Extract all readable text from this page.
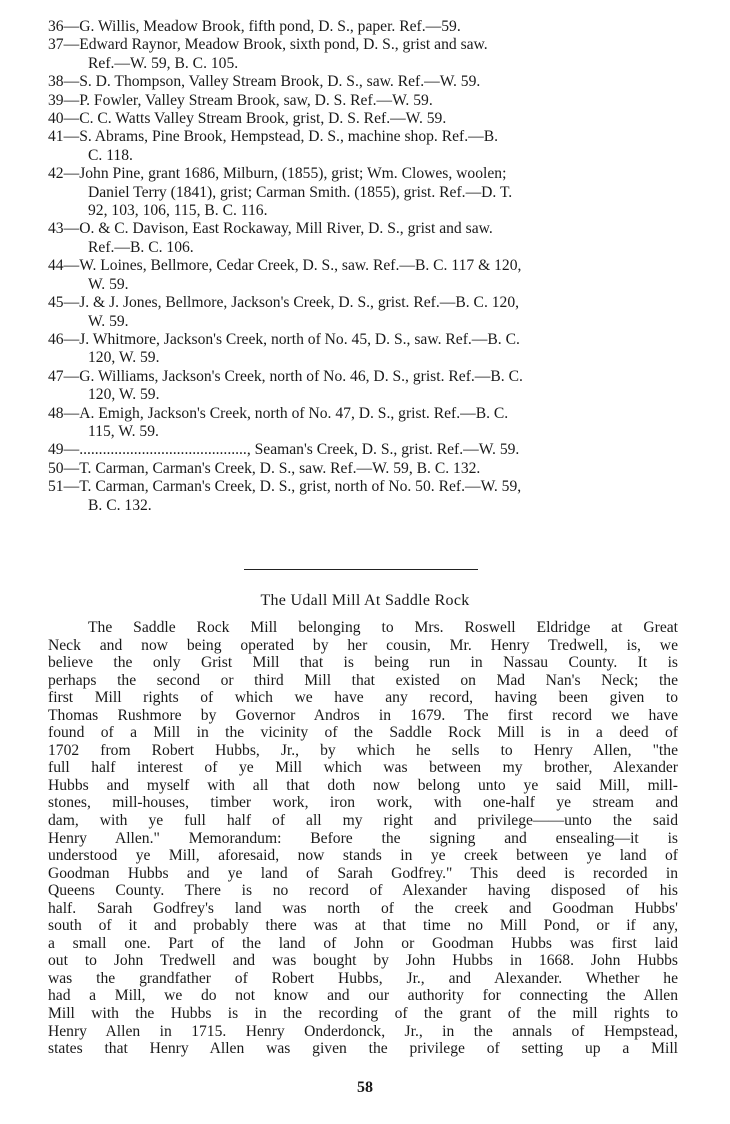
36—G. Willis, Meadow Brook, fifth pond, D. S., paper. Ref.—59.
37—Edward Raynor, Meadow Brook, sixth pond, D. S., grist and saw.
Ref.—W. 59, B. C. 105.
38—S. D. Thompson, Valley Stream Brook, D. S., saw. Ref.—W. 59.
39—P. Fowler, Valley Stream Brook, saw, D. S. Ref.—W. 59.
40—C. C. Watts Valley Stream Brook, grist, D. S. Ref.—W. 59.
41—S. Abrams, Pine Brook, Hempstead, D. S., machine shop. Ref.—B.
C. 118.
42—John Pine, grant 1686, Milburn, (1855), grist; Wm. Clowes, woolen;
Daniel Terry (1841), grist; Carman Smith. (1855), grist. Ref.—D. T.
92, 103, 106, 115, B. C. 116.
43—O. & C. Davison, East Rockaway, Mill River, D. S., grist and saw.
Ref.—B. C. 106.
44—W. Loines, Bellmore, Cedar Creek, D. S., saw. Ref.—B. C. 117 & 120,
W. 59.
45—J. & J. Jones, Bellmore, Jackson's Creek, D. S., grist. Ref.—B. C. 120,
W. 59.
46—J. Whitmore, Jackson's Creek, north of No. 45, D. S., saw. Ref.—B. C.
120, W. 59.
47—G. Williams, Jackson's Creek, north of No. 46, D. S., grist. Ref.—B. C.
120, W. 59.
48—A. Emigh, Jackson's Creek, north of No. 47, D. S., grist. Ref.—B. C.
115, W. 59.
49—..........................................., Seaman's Creek, D. S., grist. Ref.—W. 59.
50—T. Carman, Carman's Creek, D. S., saw. Ref.—W. 59, B. C. 132.
51—T. Carman, Carman's Creek, D. S., grist, north of No. 50. Ref.—W. 59,
B. C. 132.
The Udall Mill At Saddle Rock
The Saddle Rock Mill belonging to Mrs. Roswell Eldridge at Great
Neck and now being operated by her cousin, Mr. Henry Tredwell, is, we
believe the only Grist Mill that is being run in Nassau County. It is
perhaps the second or third Mill that existed on Mad Nan's Neck; the
first Mill rights of which we have any record, having been given to
Thomas Rushmore by Governor Andros in 1679. The first record we have
found of a Mill in the vicinity of the Saddle Rock Mill is in a deed of
1702 from Robert Hubbs, Jr., by which he sells to Henry Allen, "the
full half interest of ye Mill which was between my brother, Alexander
Hubbs and myself with all that doth now belong unto ye said Mill, mill-
stones, mill-houses, timber work, iron work, with one-half ye stream and
dam, with ye full half of all my right and privilege——unto the said
Henry Allen." Memorandum: Before the signing and ensealing—it is
understood ye Mill, aforesaid, now stands in ye creek between ye land of
Goodman Hubbs and ye land of Sarah Godfrey." This deed is recorded in
Queens County. There is no record of Alexander having disposed of his
half. Sarah Godfrey's land was north of the creek and Goodman Hubbs'
south of it and probably there was at that time no Mill Pond, or if any,
a small one. Part of the land of John or Goodman Hubbs was first laid
out to John Tredwell and was bought by John Hubbs in 1668. John Hubbs
was the grandfather of Robert Hubbs, Jr., and Alexander. Whether he
had a Mill, we do not know and our authority for connecting the Allen
Mill with the Hubbs is in the recording of the grant of the mill rights to
Henry Allen in 1715. Henry Onderdonck, Jr., in the annals of Hempstead,
states that Henry Allen was given the privilege of setting up a Mill
58
